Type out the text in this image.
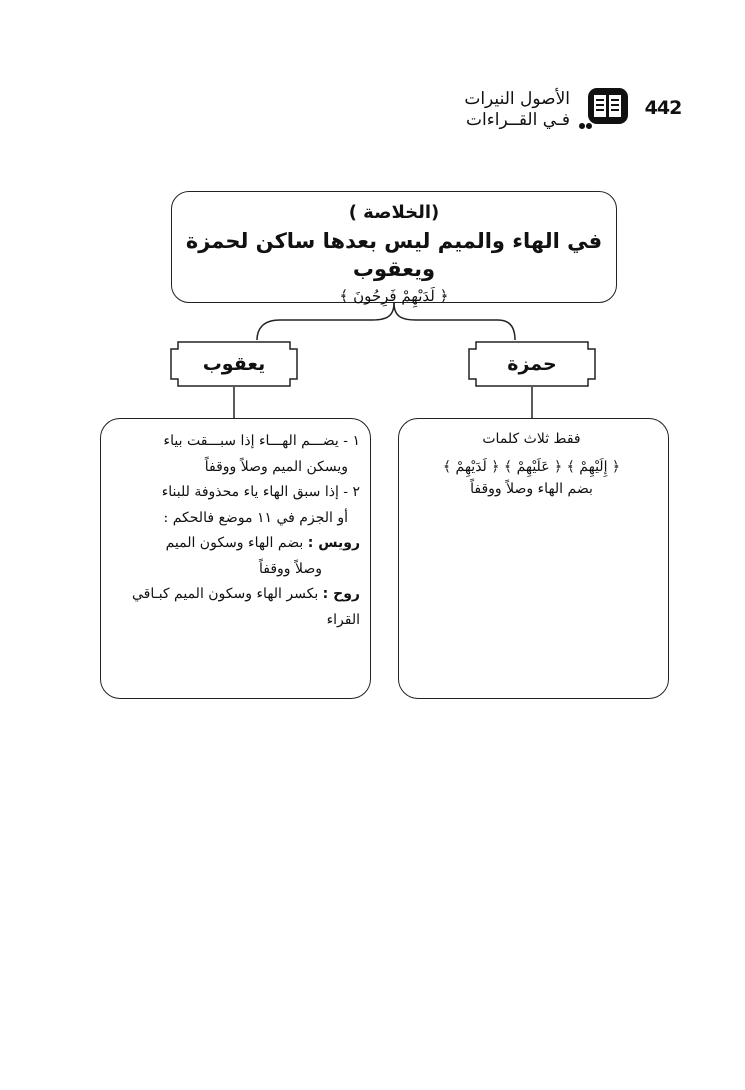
442
الأصول النيرات
فـي القــراءات
(الخلاصة )
في الهاء والميم ليس بعدها ساكن لحمزة ويعقوب
﴿ لَدَيْهِمْ فَرِحُونَ ﴾
حمزة
يعقوب

فقط ثلاث كلمات

﴿ إِلَيْهِمْ ﴾ ﴿ عَلَيْهِمْ ﴾ ﴿ لَدَيْهِمْ ﴾

بضم الهاء وصلاً ووقفاً

١ - يضـــم الهـــاء إذا سبـــقت بياء

ويسكن الميم وصلاً ووقفاً

٢ - إذا سبق الهاء ياء محذوفة للبناء

أو الجزم في ١١ موضع فالحكم :

رويس : بضم الهاء وسكون الميم

وصلاً ووقفاً

روح : بكسر الهاء وسكون الميم كبـاقي

القراء
